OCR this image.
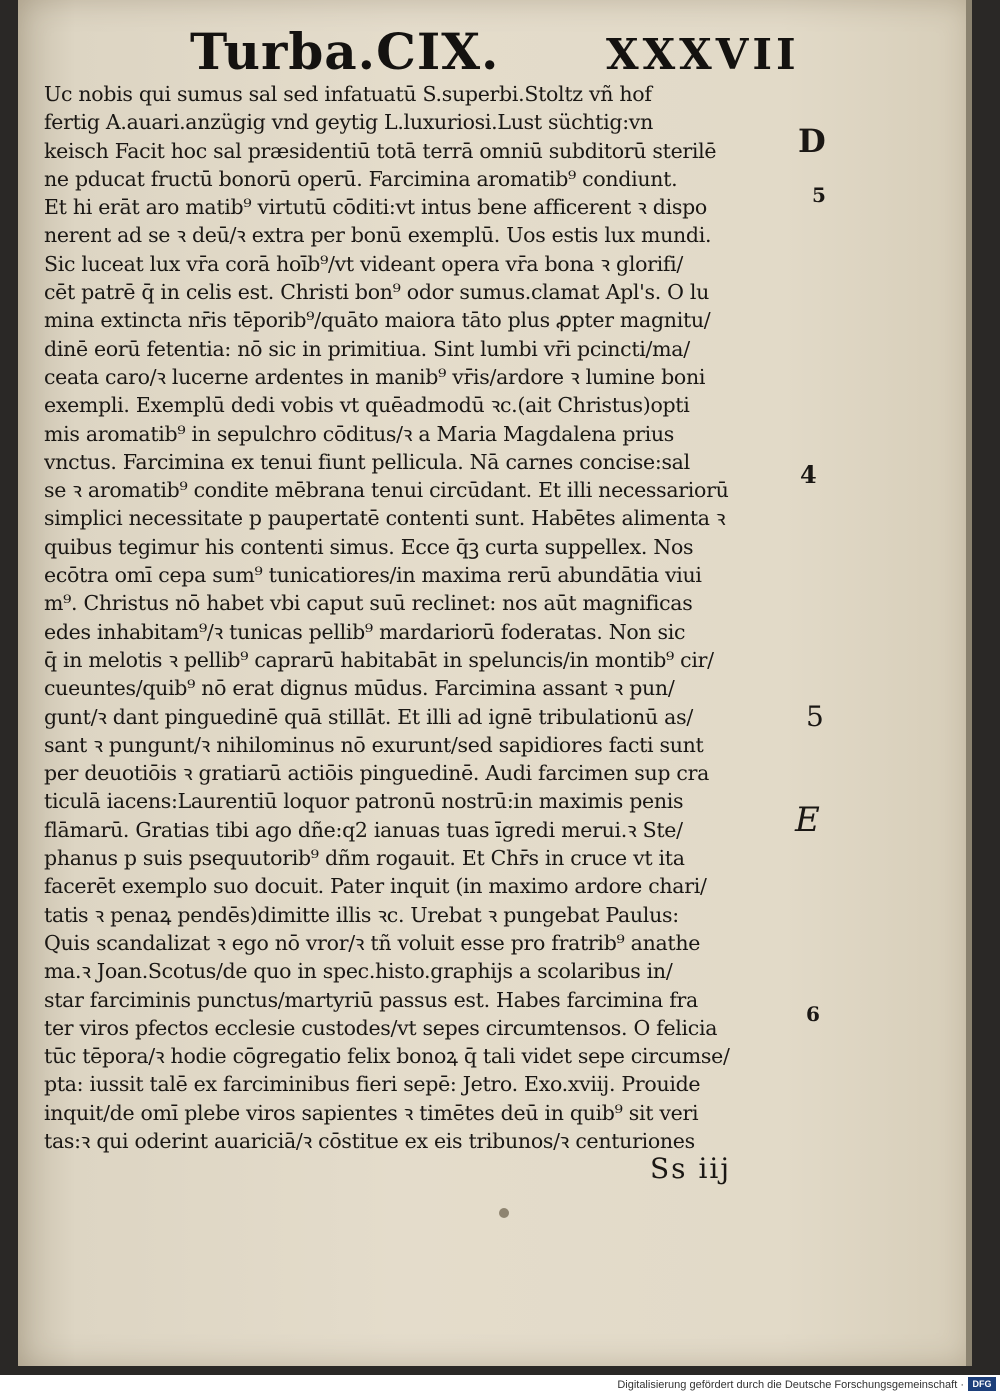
Turba.CIX.	XXXVII
Uc nobis qui sumus sal sed infatuatū S.superbi.Stoltz vñ hof
fertig A.auari.anzügig vnd geytig L.luxuriosi.Lust süchtig:vn
keisch Facit hoc sal præsidentiū totā terrā omniū subditorū sterilē
ne pducat fructū bonorū operū. Farcimina aromatib⁹ condiunt.
Et hi erāt aro matib⁹ virtutū cōditi:vt intus bene afficerent ꝛ dispo
nerent ad se ꝛ deū/ꝛ extra per bonū exemplū. Uos estis lux mundi.
Sic luceat lux vr̄a corā hoīb⁹/vt videant opera vr̄a bona ꝛ glorifi/
cēt patrē q̄ in celis est. Christi bon⁹ odor sumus.clamat Apl's. O lu
mina extincta nr̄is tēporib⁹/quāto maiora tāto plus ꝓpter magnitu/
dinē eorū fetentia: nō sic in primitiua. Sint lumbi vr̄i pcincti/ma/
ceata caro/ꝛ lucerne ardentes in manib⁹ vr̄is/ardore ꝛ lumine boni
exempli. Exemplū dedi vobis vt quēadmodū ꝛc.(ait Christus)opti
mis aromatib⁹ in sepulchro cōditus/ꝛ a Maria Magdalena prius
vnctus. Farcimina ex tenui fiunt pellicula. Nā carnes concise:sal
se ꝛ aromatib⁹ condite mēbrana tenui circūdant. Et illi necessariorū
simplici necessitate p paupertatē contenti sunt. Habētes alimenta ꝛ
quibus tegimur his contenti simus. Ecce q̄ꝫ curta suppellex. Nos
ecōtra omī cepa sum⁹ tunicatiores/in maxima rerū abundātia viui
m⁹. Christus nō habet vbi caput suū reclinet: nos aūt magnificas
edes inhabitam⁹/ꝛ tunicas pellib⁹ mardariorū foderatas. Non sic
q̄ in melotis ꝛ pellib⁹ caprarū habitabāt in speluncis/in montib⁹ cir/
cueuntes/quib⁹ nō erat dignus mūdus. Farcimina assant ꝛ pun/
gunt/ꝛ dant pinguedinē quā stillāt. Et illi ad ignē tribulationū as/
sant ꝛ pungunt/ꝛ nihilominus nō exurunt/sed sapidiores facti sunt
per deuotiōis ꝛ gratiarū actiōis pinguedinē. Audi farcimen sup cra
ticulā iacens:Laurentiū loquor patronū nostrū:in maximis penis
flāmarū. Gratias tibi ago dñe:q2 ianuas tuas īgredi merui.ꝛ Ste/
phanus p suis psequutorib⁹ dñm rogauit. Et Chr̄s in cruce vt ita
facerēt exemplo suo docuit. Pater inquit (in maximo ardore chari/
tatis ꝛ penaꝝ pendēs)dimitte illis ꝛc. Urebat ꝛ pungebat Paulus:
Quis scandalizat ꝛ ego nō vror/ꝛ tñ voluit esse pro fratrib⁹ anathe
ma.ꝛ Joan.Scotus/de quo in spec.histo.graphijs a scolaribus in/
star farciminis punctus/martyriū passus est. Habes farcimina fra
ter viros pfectos ecclesie custodes/vt sepes circumtensos. O felicia
tūc tēpora/ꝛ hodie cōgregatio felix bonoꝝ q̄ tali videt sepe circumse/
pta: iussit talē ex farciminibus fieri sepē: Jetro. Exo.xviij. Prouide
inquit/de omī plebe viros sapientes ꝛ timētes deū in quib⁹ sit veri
tas:ꝛ qui oderint auariciā/ꝛ cōstitue ex eis tribunos/ꝛ centuriones
D
5
4
5
E
6
Ss iij
Digitalisierung gefördert durch die Deutsche Forschungsgemeinschaft · DFG
